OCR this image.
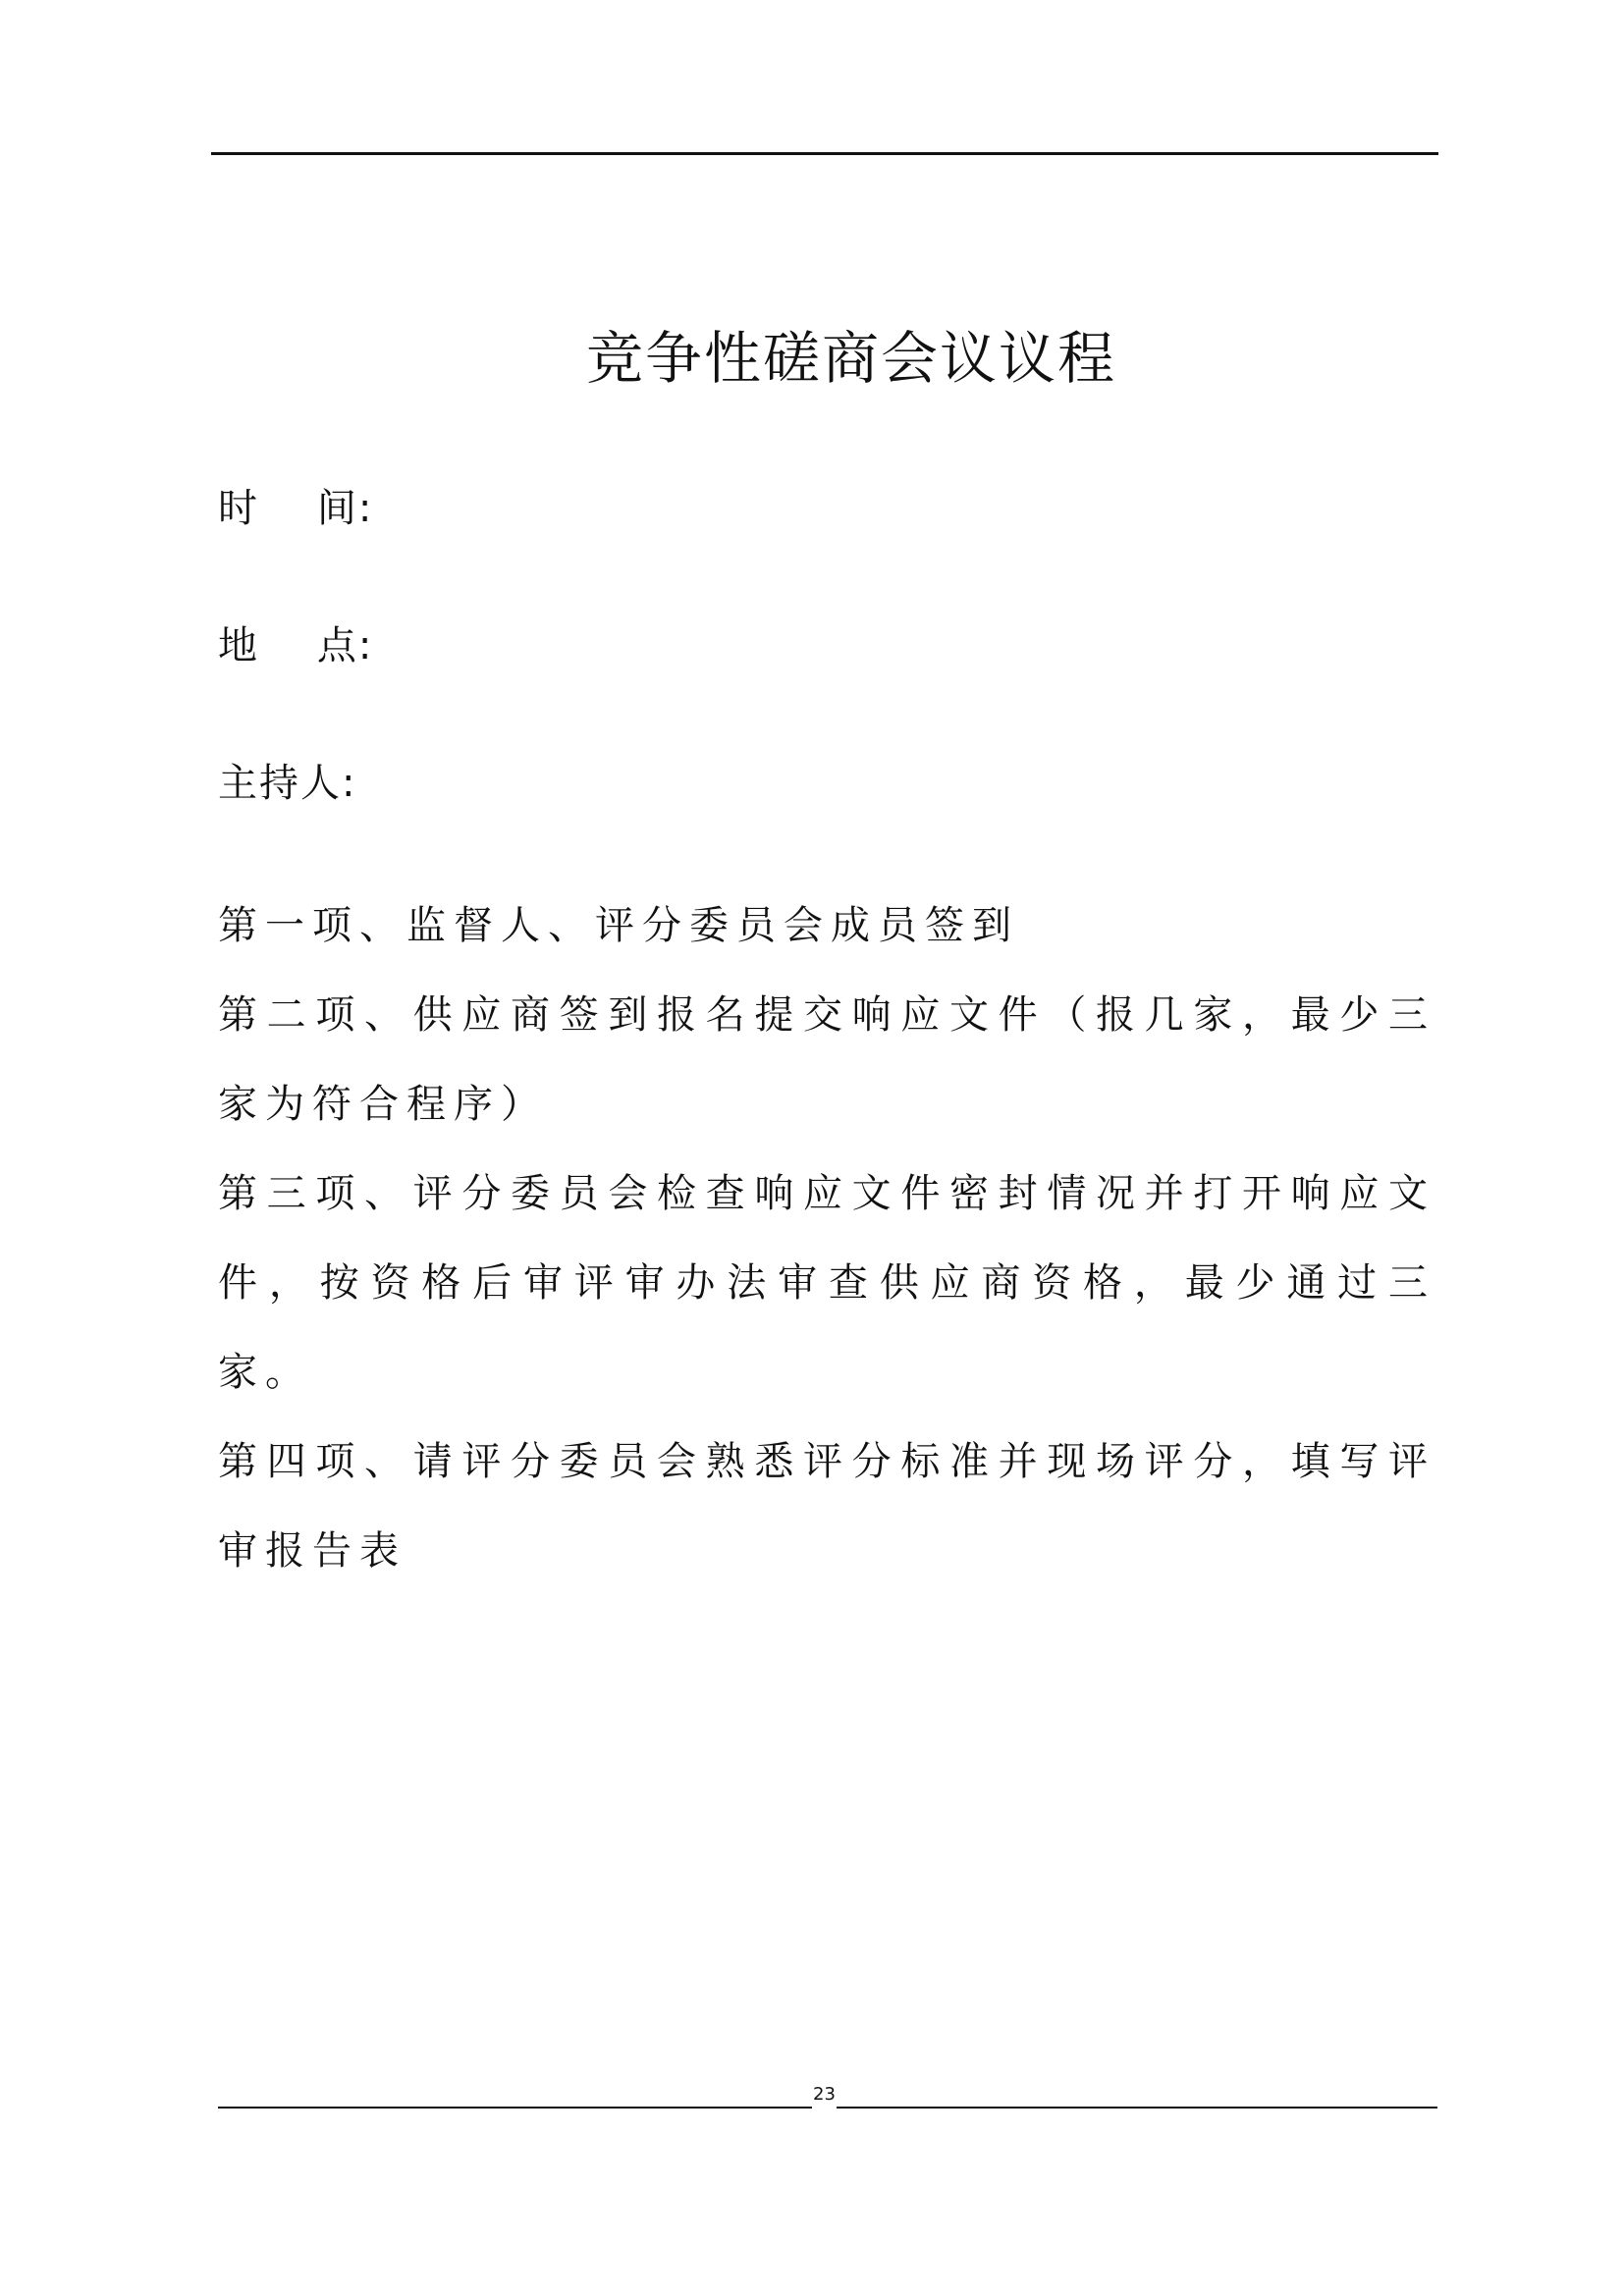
竞争性磋商会议议程
时    间:
地    点:
主持人:

第一项、监督人、评分委员会成员签到

第二项、供应商签到报名提交响应文件（报几家，最少三家为符合程序）

第三项、评分委员会检查响应文件密封情况并打开响应文件，按资格后审评审办法审查供应商资格，最少通过三家。

第四项、请评分委员会熟悉评分标准并现场评分，填写评审报告表

23
